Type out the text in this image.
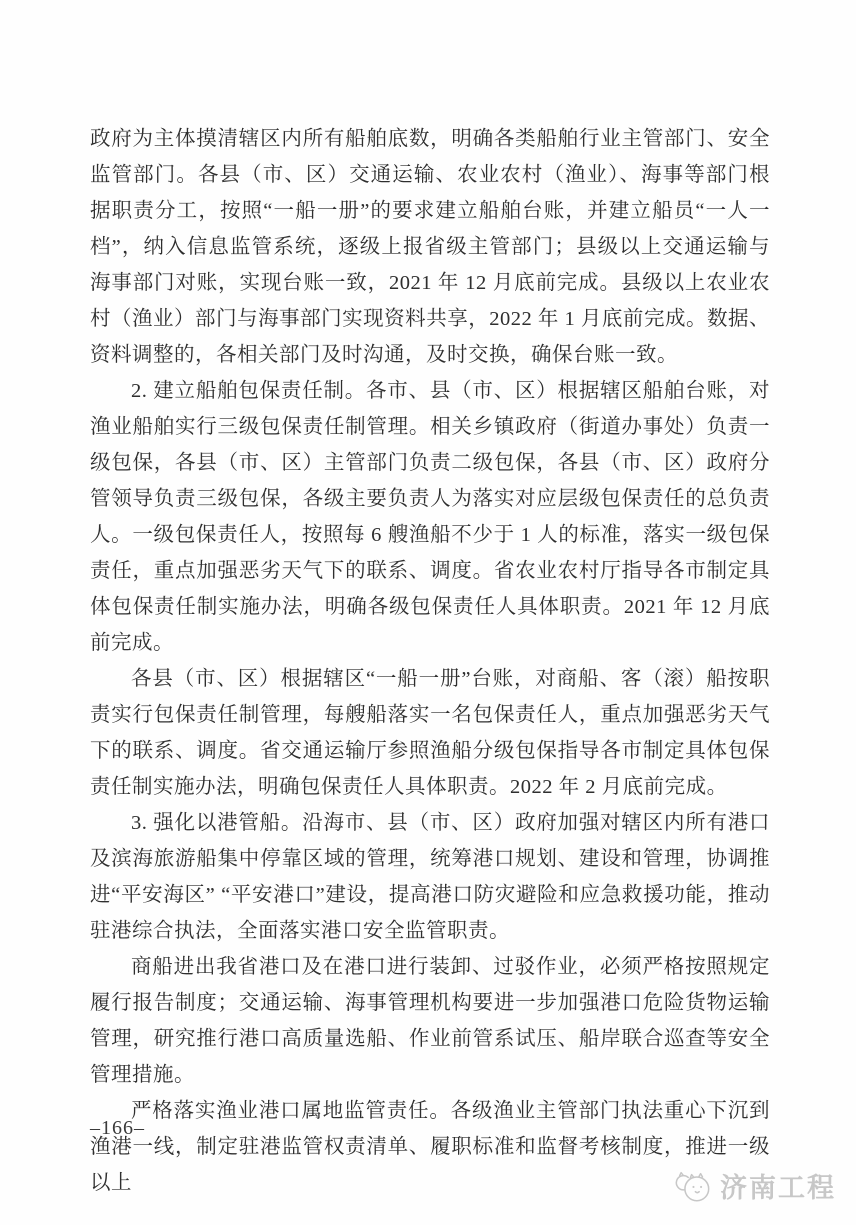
政府为主体摸清辖区内所有船舶底数，明确各类船舶行业主管部门、安全监管部门。各县（市、区）交通运输、农业农村（渔业）、海事等部门根据职责分工，按照“一船一册”的要求建立船舶台账，并建立船员“一人一档”，纳入信息监管系统，逐级上报省级主管部门；县级以上交通运输与海事部门对账，实现台账一致，2021 年 12 月底前完成。县级以上农业农村（渔业）部门与海事部门实现资料共享，2022 年 1 月底前完成。数据、资料调整的，各相关部门及时沟通，及时交换，确保台账一致。

2. 建立船舶包保责任制。各市、县（市、区）根据辖区船舶台账，对渔业船舶实行三级包保责任制管理。相关乡镇政府（街道办事处）负责一级包保，各县（市、区）主管部门负责二级包保，各县（市、区）政府分管领导负责三级包保，各级主要负责人为落实对应层级包保责任的总负责人。一级包保责任人，按照每 6 艘渔船不少于 1 人的标准，落实一级包保责任，重点加强恶劣天气下的联系、调度。省农业农村厅指导各市制定具体包保责任制实施办法，明确各级包保责任人具体职责。2021 年 12 月底前完成。

各县（市、区）根据辖区“一船一册”台账，对商船、客（滚）船按职责实行包保责任制管理，每艘船落实一名包保责任人，重点加强恶劣天气下的联系、调度。省交通运输厅参照渔船分级包保指导各市制定具体包保责任制实施办法，明确包保责任人具体职责。2022 年 2 月底前完成。

3. 强化以港管船。沿海市、县（市、区）政府加强对辖区内所有港口及滨海旅游船集中停靠区域的管理，统筹港口规划、建设和管理，协调推进“平安海区” “平安港口”建设，提高港口防灾避险和应急救援功能，推动驻港综合执法，全面落实港口安全监管职责。

商船进出我省港口及在港口进行装卸、过驳作业，必须严格按照规定履行报告制度；交通运输、海事管理机构要进一步加强港口危险货物运输管理，研究推行港口高质量选船、作业前管系试压、船岸联合巡查等安全管理措施。

严格落实渔业港口属地监管责任。各级渔业主管部门执法重心下沉到渔港一线，制定驻港监管权责清单、履职标准和监督考核制度，推进一级以上

–166–
济南工程
